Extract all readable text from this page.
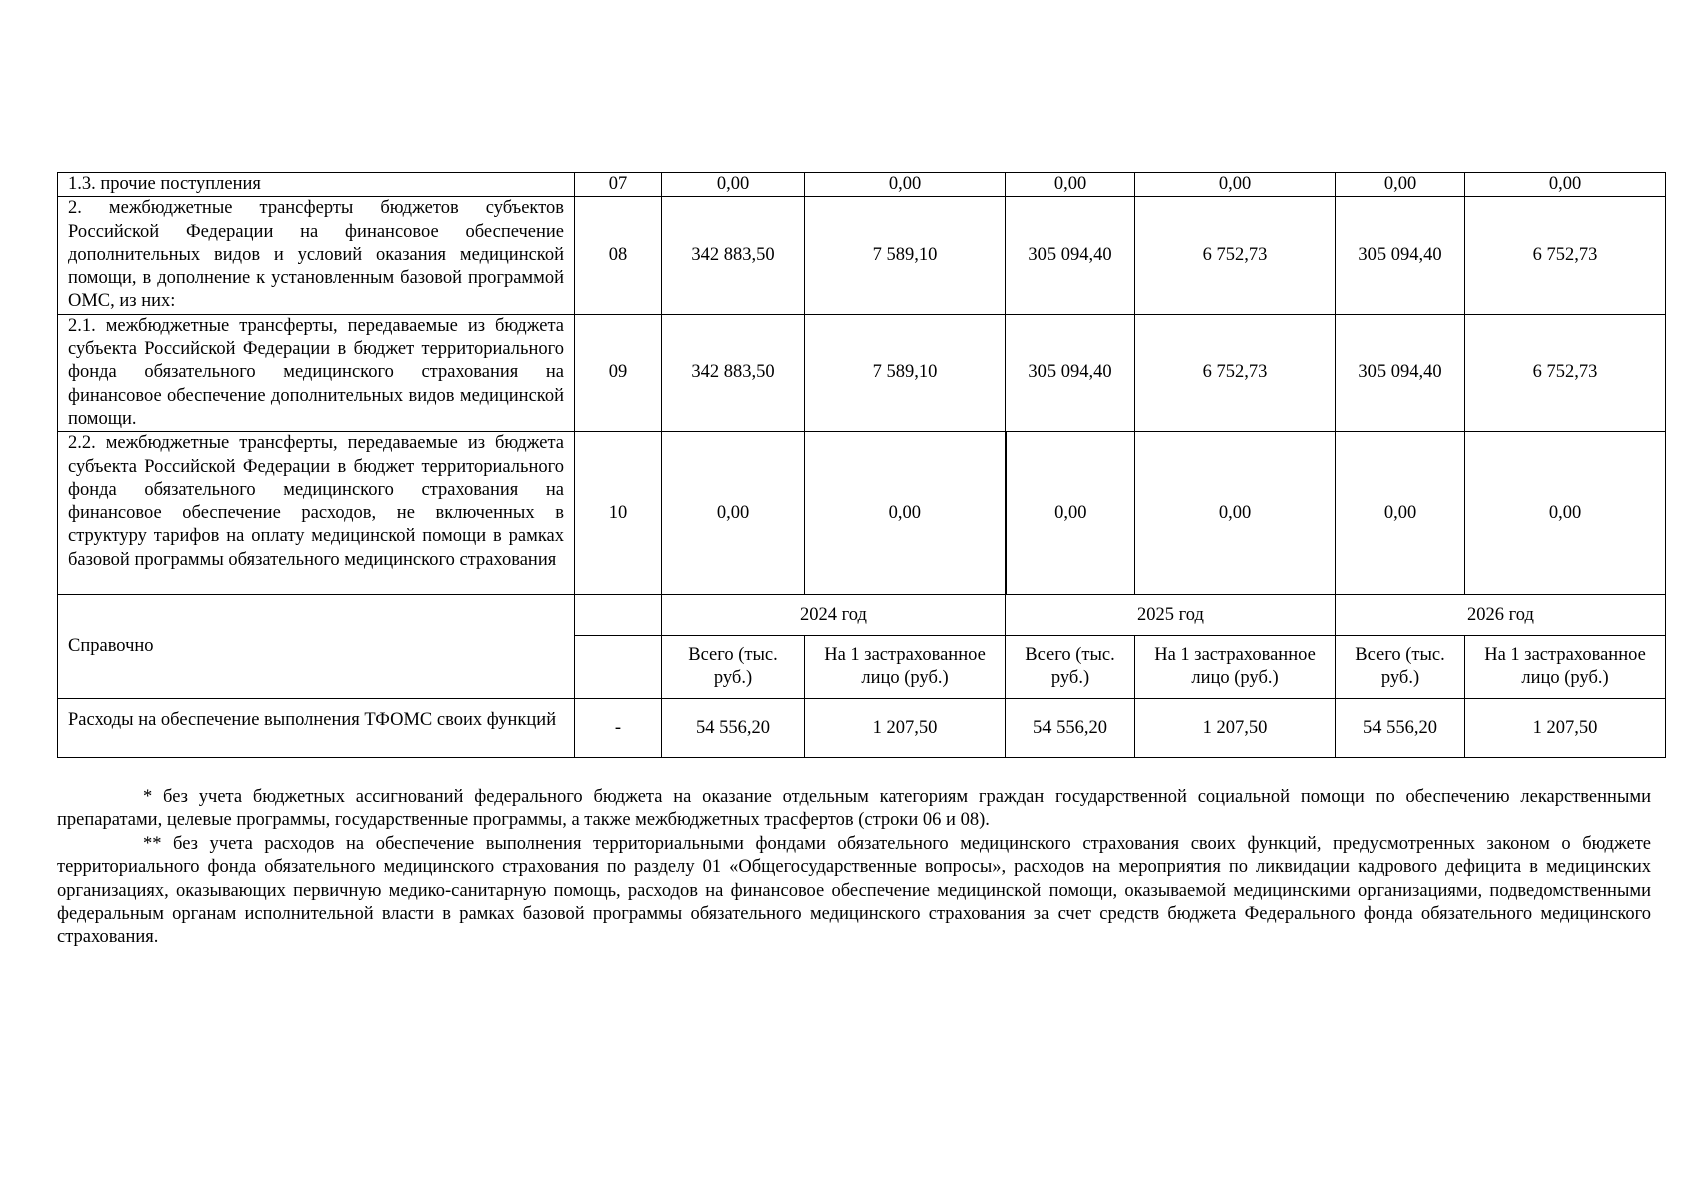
1.3. прочие поступления	07	0,00	0,00	0,00	0,00	0,00	0,00
2. межбюджетные трансферты бюджетов субъектов Российской Федерации на финансовое обеспечение дополнительных видов и условий оказания медицинской помощи, в дополнение к установленным базовой программой ОМС, из них:	08	342 883,50	7 589,10	305 094,40	6 752,73	305 094,40	6 752,73
2.1. межбюджетные трансферты, передаваемые из бюджета субъекта Российской Федерации в бюджет территориального фонда обязательного медицинского страхования на финансовое обеспечение дополнительных видов медицинской помощи.	09	342 883,50	7 589,10	305 094,40	6 752,73	305 094,40	6 752,73
2.2. межбюджетные трансферты, передаваемые из бюджета субъекта Российской Федерации в бюджет территориального фонда обязательного медицинского страхования на финансовое обеспечение расходов, не включенных в структуру тарифов на оплату медицинской помощи в рамках базовой программы обязательного медицинского страхования	10	0,00	0,00	0,00	0,00	0,00	0,00
Справочно		2024 год		2025 год		2026 год	
		Всего (тыс. руб.)	На 1 застрахованное лицо (руб.)	Всего (тыс. руб.)	На 1 застрахованное лицо (руб.)	Всего (тыс. руб.)	На 1 застрахованное лицо (руб.)
Расходы на обеспечение выполнения ТФОМС своих функций	-	54 556,20	1 207,50	54 556,20	1 207,50	54 556,20	1 207,50

* без учета бюджетных ассигнований федерального бюджета на оказание отдельным категориям граждан государственной социальной помощи по обеспечению лекарственными препаратами, целевые программы, государственные программы, а также межбюджетных трасфертов (строки 06 и 08).

** без учета расходов на обеспечение выполнения территориальными фондами обязательного медицинского страхования своих функций, предусмотренных законом о бюджете территориального фонда обязательного медицинского страхования по разделу 01 «Общегосударственные вопросы», расходов на мероприятия по ликвидации кадрового дефицита в медицинских организациях, оказывающих первичную медико-санитарную помощь, расходов на финансовое обеспечение медицинской помощи, оказываемой медицинскими организациями, подведомственными федеральным органам исполнительной власти в рамках базовой программы обязательного медицинского страхования за счет средств бюджета Федерального фонда обязательного медицинского страхования.
